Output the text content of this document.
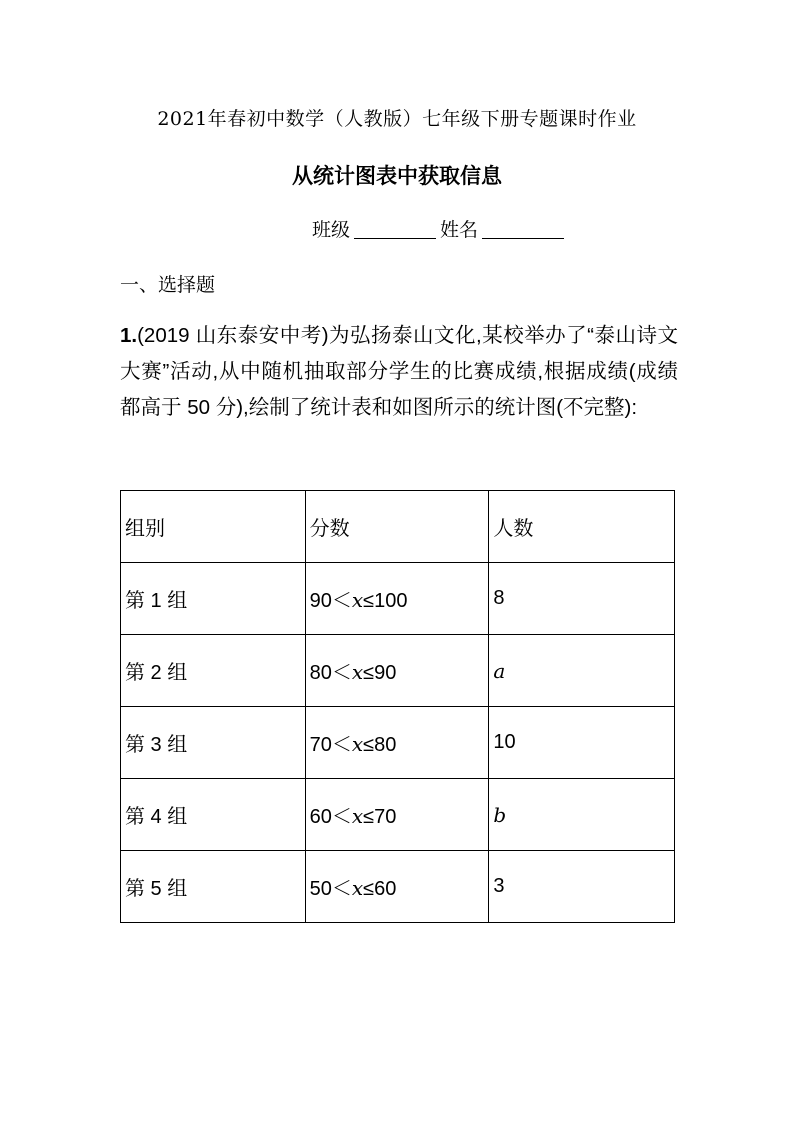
2021年春初中数学（人教版）七年级下册专题课时作业
从统计图表中获取信息
班级	姓名
一、选择题
1.(2019 山东泰安中考)为弘扬泰山文化,某校举办了“泰山诗文大赛”活动,从中随机抽取部分学生的比赛成绩,根据成绩(成绩都高于 50 分),绘制了统计表和如图所示的统计图(不完整):
组别	分数	人数
第 1 组	90＜x≤100	8
第 2 组	80＜x≤90	a
第 3 组	70＜x≤80	10
第 4 组	60＜x≤70	b
第 5 组	50＜x≤60	3
